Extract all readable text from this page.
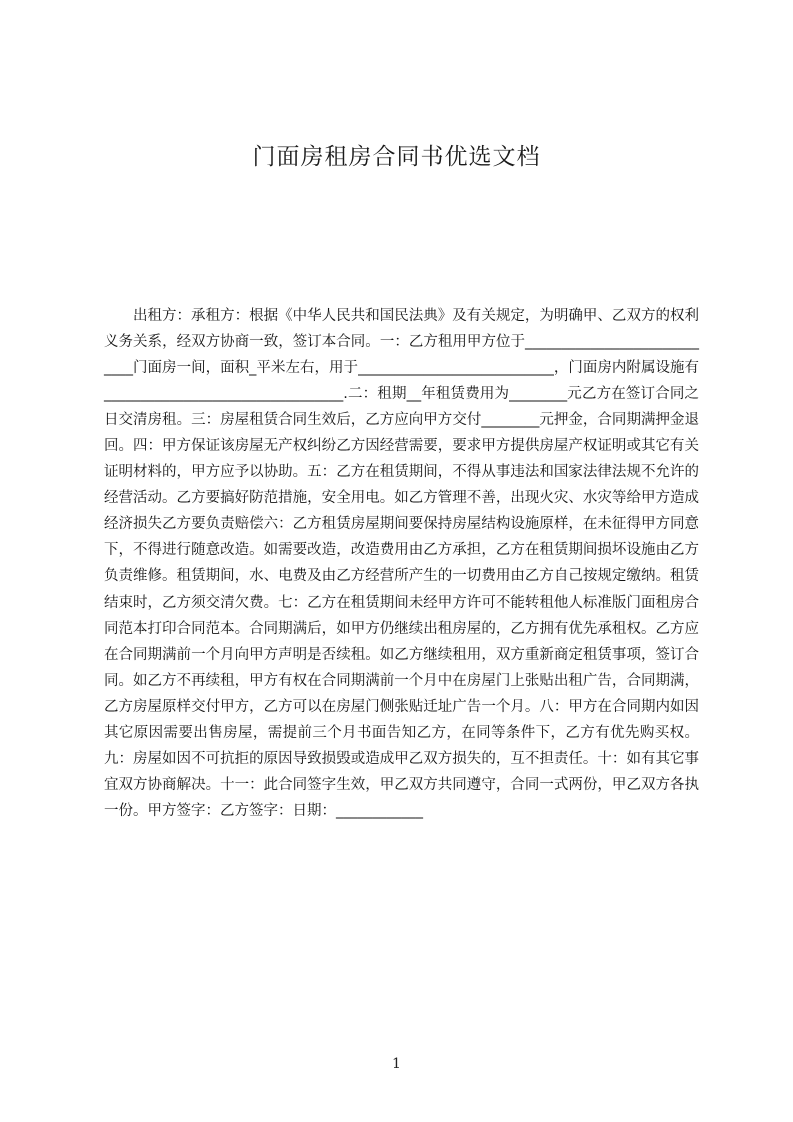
门面房租房合同书优选文档

出租方：承租方：根据《中华人民共和国民法典》及有关规定，为明确甲、乙双方的权利义务关系，经双方协商一致，签订本合同。一：乙方租用甲方位于____________________________门面房一间，面积_平米左右，用于___________________________，门面房内附属设施有_________________________________.二：租期__年租赁费用为________元乙方在签订合同之日交清房租。三：房屋租赁合同生效后，乙方应向甲方交付________元押金，合同期满押金退回。四：甲方保证该房屋无产权纠纷乙方因经营需要，要求甲方提供房屋产权证明或其它有关证明材料的，甲方应予以协助。五：乙方在租赁期间，不得从事违法和国家法律法规不允许的经营活动。乙方要搞好防范措施，安全用电。如乙方管理不善，出现火灾、水灾等给甲方造成经济损失乙方要负责赔偿六：乙方租赁房屋期间要保持房屋结构设施原样，在未征得甲方同意下，不得进行随意改造。如需要改造，改造费用由乙方承担，乙方在租赁期间损坏设施由乙方负责维修。租赁期间，水、电费及由乙方经营所产生的一切费用由乙方自己按规定缴纳。租赁结束时，乙方须交清欠费。七：乙方在租赁期间未经甲方许可不能转租他人标准版门面租房合同范本打印合同范本。合同期满后，如甲方仍继续出租房屋的，乙方拥有优先承租权。乙方应在合同期满前一个月向甲方声明是否续租。如乙方继续租用，双方重新商定租赁事项，签订合同。如乙方不再续租，甲方有权在合同期满前一个月中在房屋门上张贴出租广告，合同期满，乙方房屋原样交付甲方，乙方可以在房屋门侧张贴迁址广告一个月。八：甲方在合同期内如因其它原因需要出售房屋，需提前三个月书面告知乙方，在同等条件下，乙方有优先购买权。九：房屋如因不可抗拒的原因导致损毁或造成甲乙双方损失的，互不担责任。十：如有其它事宜双方协商解决。十一：此合同签字生效，甲乙双方共同遵守，合同一式两份，甲乙双方各执一份。甲方签字：乙方签字：日期：____________

1
